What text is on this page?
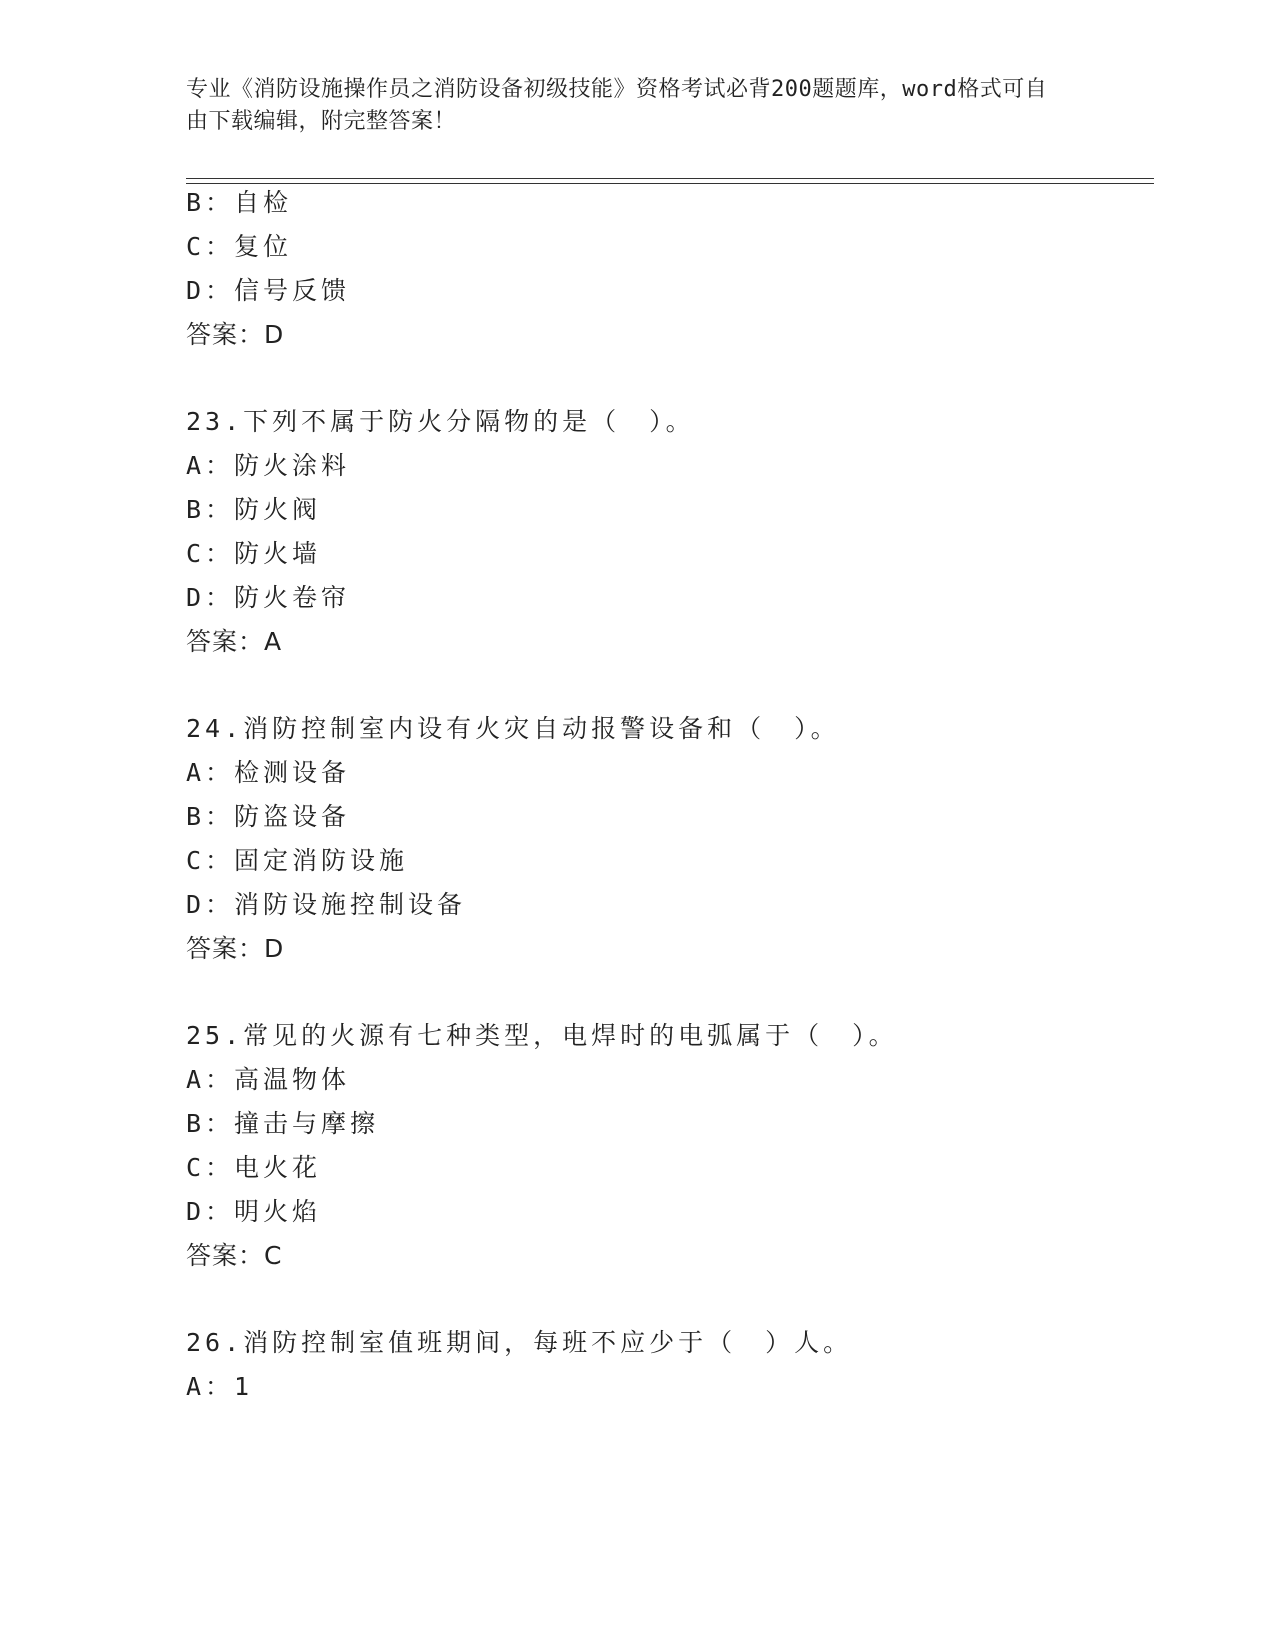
专业《消防设施操作员之消防设备初级技能》资格考试必背200题题库，word格式可自由下载编辑，附完整答案！
B：自检
C：复位
D：信号反馈
答案：D
23.下列不属于防火分隔物的是（　）。
A：防火涂料
B：防火阀
C：防火墙
D：防火卷帘
答案：A
24.消防控制室内设有火灾自动报警设备和（　）。
A：检测设备
B：防盗设备
C：固定消防设施
D：消防设施控制设备
答案：D
25.常见的火源有七种类型，电焊时的电弧属于（　）。
A：高温物体
B：撞击与摩擦
C：电火花
D：明火焰
答案：C
26.消防控制室值班期间，每班不应少于（　）人。
A：1
